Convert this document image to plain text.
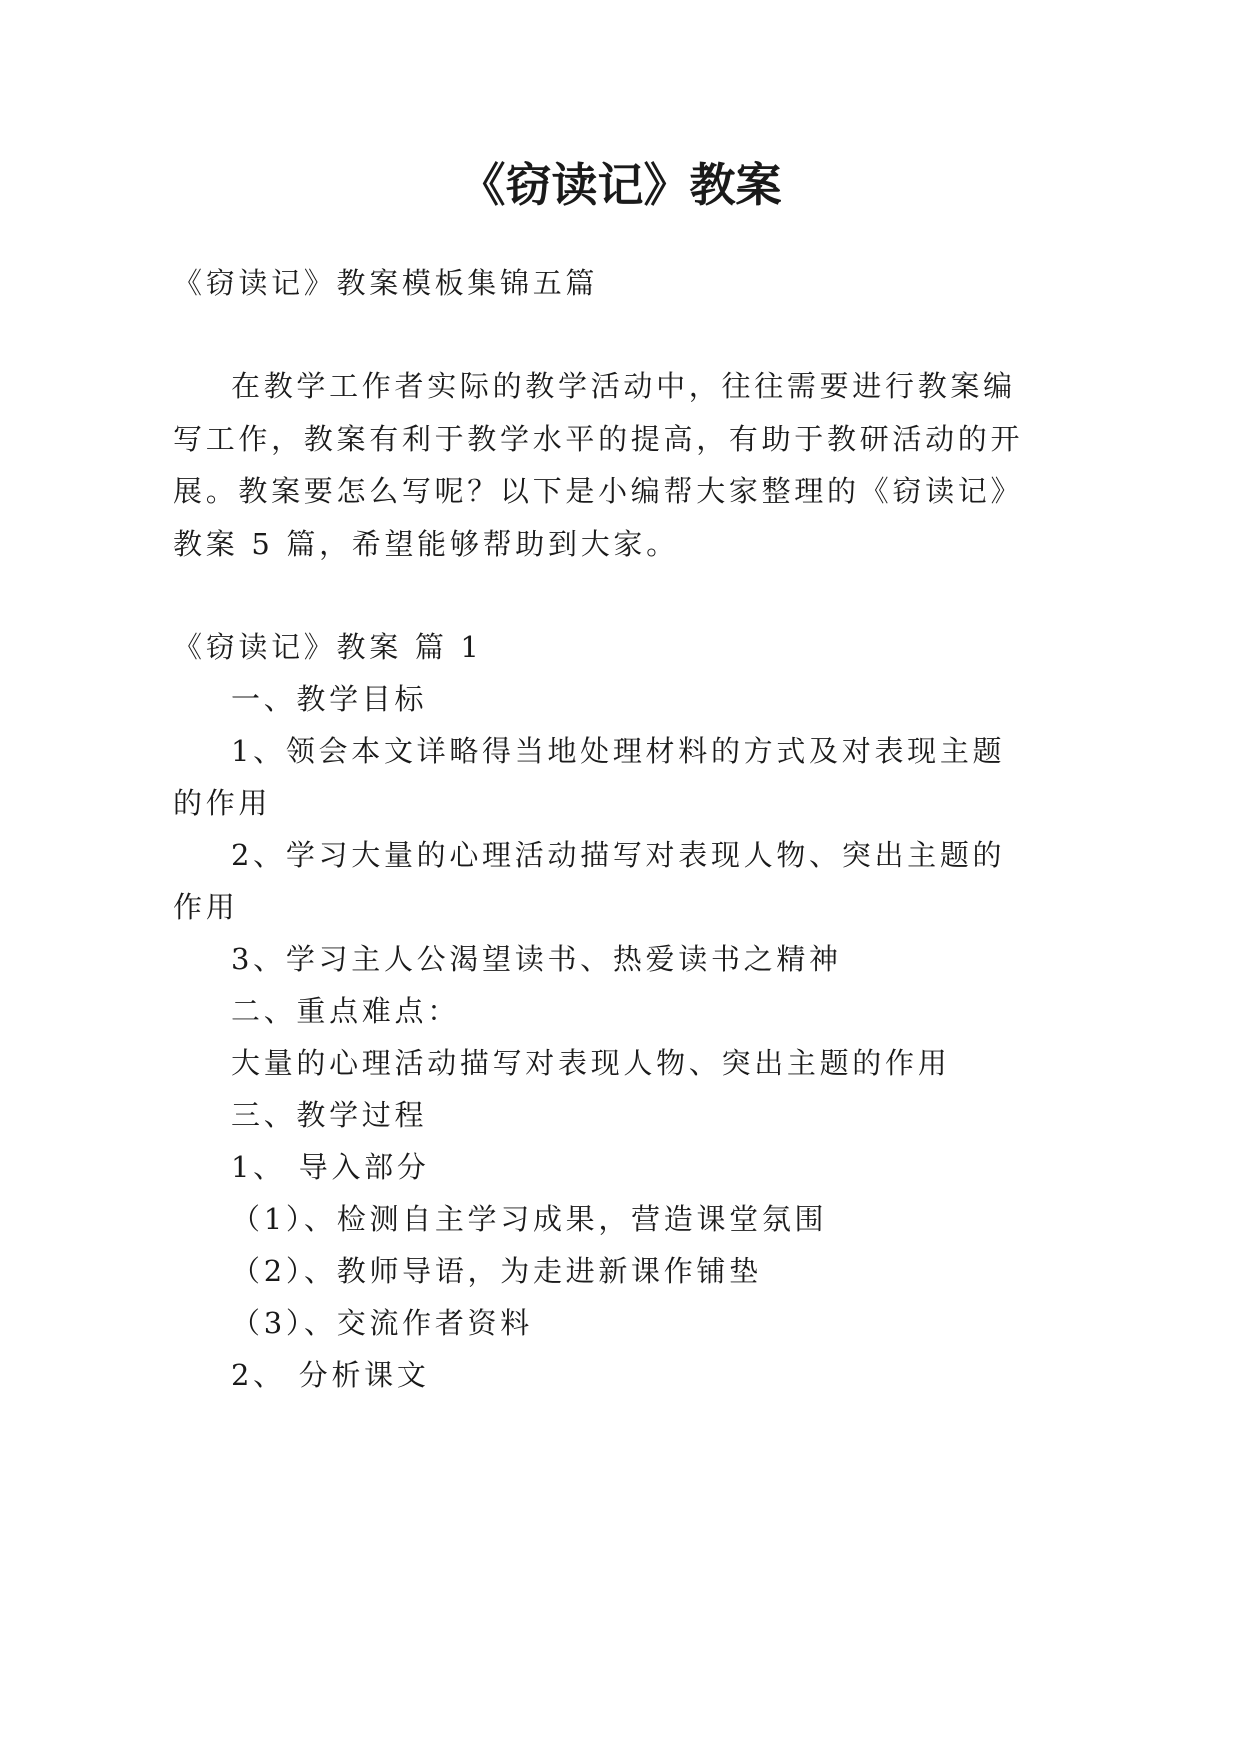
《窃读记》教案
《窃读记》教案模板集锦五篇
在教学工作者实际的教学活动中，往往需要进行教案编
写工作，教案有利于教学水平的提高，有助于教研活动的开
展。教案要怎么写呢？以下是小编帮大家整理的《窃读记》
教案 5 篇，希望能够帮助到大家。
《窃读记》教案 篇 1
一、教学目标
1、领会本文详略得当地处理材料的方式及对表现主题
的作用
2、学习大量的心理活动描写对表现人物、突出主题的
作用
3、学习主人公渴望读书、热爱读书之精神
二、重点难点：
大量的心理活动描写对表现人物、突出主题的作用
三、教学过程
1、 导入部分
（1）、检测自主学习成果，营造课堂氛围
（2）、教师导语，为走进新课作铺垫
（3）、交流作者资料
2、 分析课文
